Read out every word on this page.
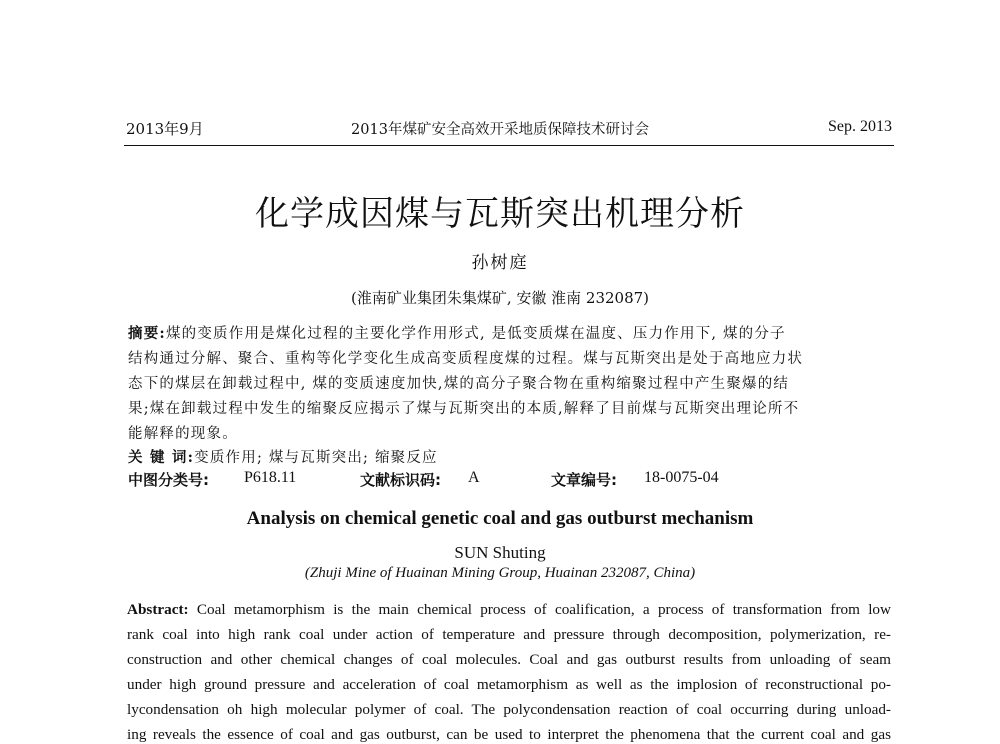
2013年9月	2013年煤矿安全高效开采地质保障技术研讨会	Sep. 2013
化学成因煤与瓦斯突出机理分析
孙树庭
(淮南矿业集团朱集煤矿, 安徽 淮南 232087)
摘要:煤的变质作用是煤化过程的主要化学作用形式, 是低变质煤在温度、压力作用下, 煤的分子
结构通过分解、聚合、重构等化学变化生成高变质程度煤的过程。煤与瓦斯突出是处于高地应力状
态下的煤层在卸载过程中, 煤的变质速度加快,煤的高分子聚合物在重构缩聚过程中产生聚爆的结
果;煤在卸载过程中发生的缩聚反应揭示了煤与瓦斯突出的本质,解释了目前煤与瓦斯突出理论所不
能解释的现象。
关 键 词:变质作用; 煤与瓦斯突出; 缩聚反应
中图分类号: P618.11	文献标识码: A	文章编号: 18-0075-04
Analysis on chemical genetic coal and gas outburst mechanism
SUN Shuting
(Zhuji Mine of Huainan Mining Group, Huainan 232087, China)
Abstract: Coal metamorphism is the main chemical process of coalification, a process of transformation from low
rank coal into high rank coal under action of temperature and pressure through decomposition, polymerization, re-
construction and other chemical changes of coal molecules. Coal and gas outburst results from unloading of seam
under high ground pressure and acceleration of coal metamorphism as well as the implosion of reconstructional po-
lycondensation oh high molecular polymer of coal. The polycondensation reaction of coal occurring during unload-
ing reveals the essence of coal and gas outburst, can be used to interpret the phenomena that the current coal and gas
